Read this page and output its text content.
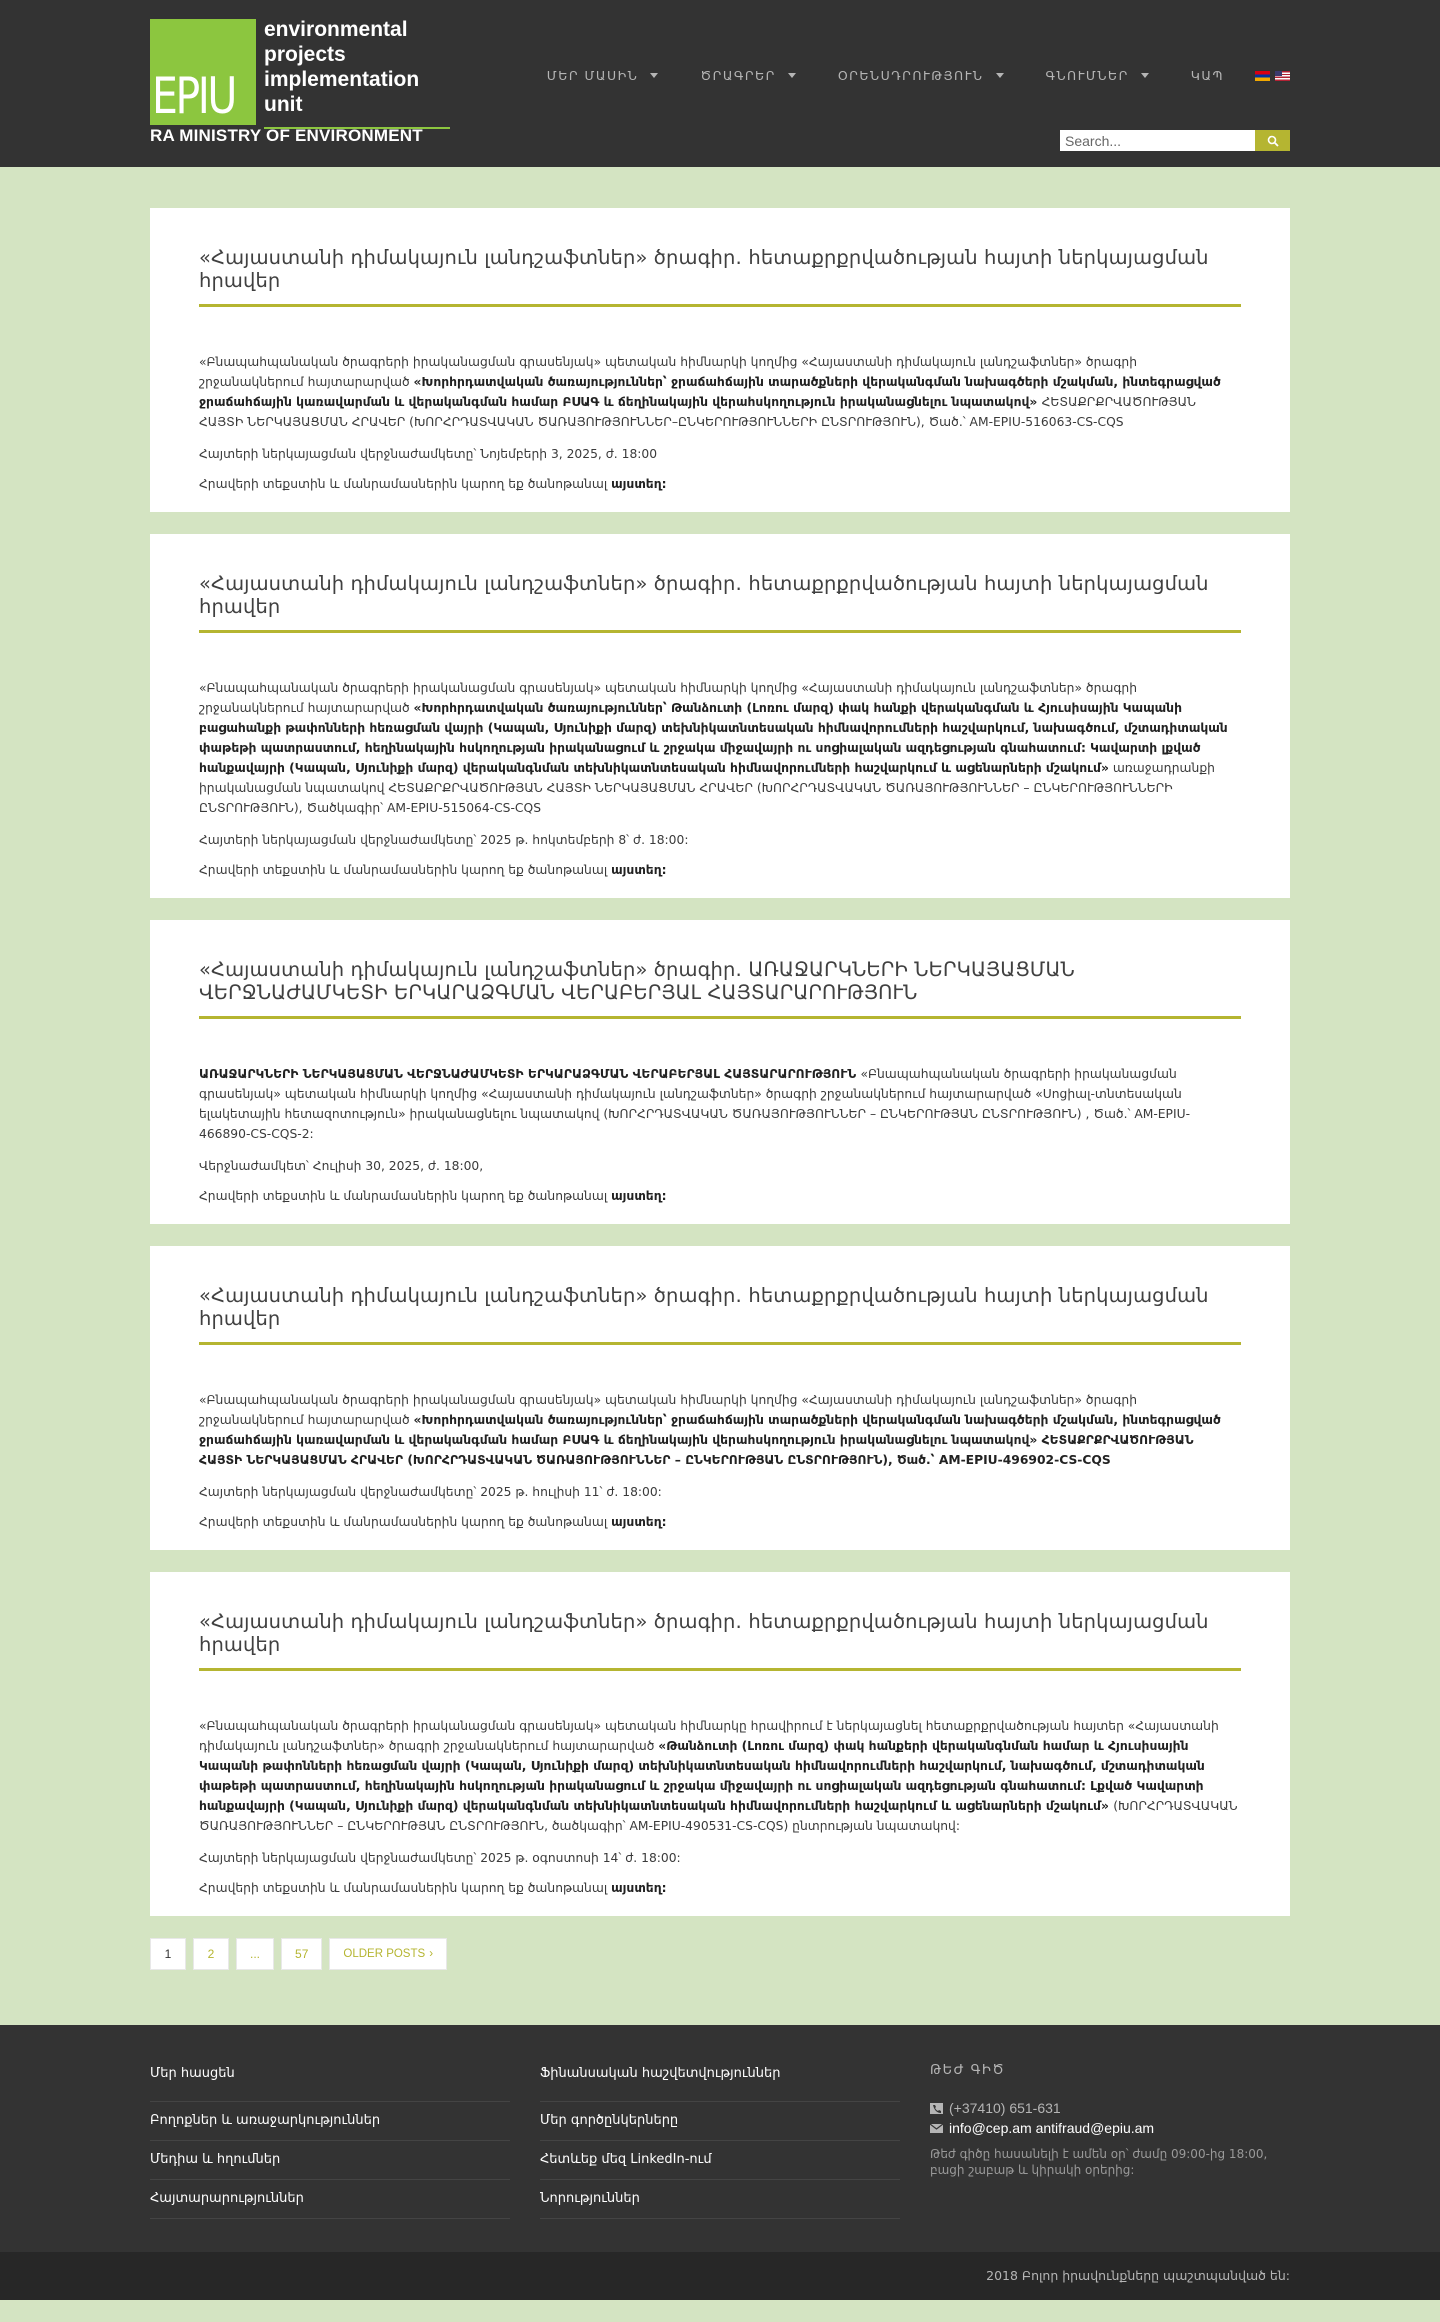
EPIU
environmental
projects
implementation
unit
RA MINISTRY OF ENVIRONMENT
ՄԵՐ ՄԱՍԻՆ	ԾՐԱԳՐԵՐ	ՕՐԵՆՍԴՐՈՒԹՅՈՒՆ	ԳՆՈՒՄՆԵՐ	ԿԱՊ
Search...
«Հայաստանի դիմակայուն լանդշաֆտներ» ծրագիր․ հետաքրքրվածության հայտի ներկայացման հրավեր

«Բնապահպանական ծրագրերի իրականացման գրասենյակ» պետական հիմնարկի կողմից «Հայաստանի դիմակայուն լանդշաֆտներ» ծրագրի շրջանակներում հայտարարված «Խորհրդատվական ծառայություններ՝ ջրաճահճային տարածքների վերականգման նախագծերի մշակման, ինտեգրացված ջրաճահճային կառավարման և վերականգման համար ԲՍԱԳ և ճեղինակային վերահսկողություն իրականացնելու նպատակով» ՀԵՏԱՔՐՔՐՎԱԾՈՒԹՅԱՆ ՀԱՅՏԻ ՆԵՐԿԱՅԱՑՄԱՆ ՀՐԱՎԵՐ (ԽՈՐՀՐԴԱՏՎԱԿԱՆ ԾԱՌԱՅՈՒԹՅՈՒՆՆԵՐ–ԸՆԿԵՐՈՒԹՅՈՒՆՆԵՐԻ ԸՆՏՐՈՒԹՅՈՒՆ), Ծած.՝ AM-EPIU-516063-CS-CQS

Հայտերի ներկայացման վերջնաժամկետը՝ Նոյեմբերի 3, 2025, ժ. 18:00

Հրավերի տեքստին և մանրամասներին կարող եք ծանոթանալ այստեղ:

«Հայաստանի դիմակայուն լանդշաֆտներ» ծրագիր․ հետաքրքրվածության հայտի ներկայացման հրավեր

«Բնապահպանական ծրագրերի իրականացման գրասենյակ» պետական հիմնարկի կողմից «Հայաստանի դիմակայուն լանդշաֆտներ» ծրագրի շրջանակներում հայտարարված «Խորհրդատվական ծառայություններ՝ Թանձուտի (Լոռու մարզ) փակ հանքի վերականգման և Հյուսիսային Կապանի բացահանքի թափոնների հեռացման վայրի (Կապան, Սյունիքի մարզ) տեխնիկատնտեսական հիմնավորումների հաշվարկում, նախագծում, մշտադիտական փաթեթի պատրաստում, հեղինակային հսկողության իրականացում և շրջակա միջավայրի ու սոցիալական ազդեցության գնահատում: Կավարտի լքված հանքավայրի (Կապան, Սյունիքի մարզ) վերականգնման տեխնիկատնտեսական հիմնավորումների հաշվարկում և ացենարների մշակում» առաջադրանքի իրականացման նպատակով ՀԵՏԱՔՐՔՐՎԱԾՈՒԹՅԱՆ ՀԱՅՏԻ ՆԵՐԿԱՅԱՑՄԱՆ ՀՐԱՎԵՐ (ԽՈՐՀՐԴԱՏՎԱԿԱՆ ԾԱՌԱՅՈՒԹՅՈՒՆՆԵՐ – ԸՆԿԵՐՈՒԹՅՈՒՆՆԵՐԻ ԸՆՏՐՈՒԹՅՈՒՆ), Ծածկագիր՝ AM-EPIU-515064-CS-CQS

Հայտերի ներկայացման վերջնաժամկետը՝ 2025 թ. հոկտեմբերի 8՝ ժ. 18:00:

Հրավերի տեքստին և մանրամասներին կարող եք ծանոթանալ այստեղ:

«Հայաստանի դիմակայուն լանդշաֆտներ» ծրագիր․ ԱՌԱՋԱՐԿՆԵՐԻ ՆԵՐԿԱՅԱՑՄԱՆ ՎԵՐՋՆԱԺԱՄԿԵՏԻ ԵՐԿԱՐԱՁԳՄԱՆ ՎԵՐԱԲԵՐՅԱԼ ՀԱՅՏԱՐԱՐՈՒԹՅՈՒՆ

ԱՌԱՋԱՐԿՆԵՐԻ ՆԵՐԿԱՅԱՑՄԱՆ ՎԵՐՋՆԱԺԱՄԿԵՏԻ ԵՐԿԱՐԱՁԳՄԱՆ ՎԵՐԱԲԵՐՅԱԼ ՀԱՅՏԱՐԱՐՈՒԹՅՈՒՆ «Բնապահպանական ծրագրերի իրականացման գրասենյակ» պետական հիմնարկի կողմից «Հայաստանի դիմակայուն լանդշաֆտներ» ծրագրի շրջանակներում հայտարարված «Սոցիալ-տնտեսական ելակետային հետազոտություն» իրականացնելու նպատակով (ԽՈՐՀՐԴԱՏՎԱԿԱՆ ԾԱՌԱՅՈՒԹՅՈՒՆՆԵՐ – ԸՆԿԵՐՈՒԹՅԱՆ ԸՆՏՐՈՒԹՅՈՒՆ) , Ծած.՝ AM-EPIU-466890-CS-CQS-2:

Վերջնաժամկետ՝ Հուլիսի 30, 2025, ժ. 18:00,

Հրավերի տեքստին և մանրամասներին կարող եք ծանոթանալ այստեղ:

«Հայաստանի դիմակայուն լանդշաֆտներ» ծրագիր․ հետաքրքրվածության հայտի ներկայացման հրավեր

«Բնապահպանական ծրագրերի իրականացման գրասենյակ» պետական հիմնարկի կողմից «Հայաստանի դիմակայուն լանդշաֆտներ» ծրագրի շրջանակներում հայտարարված «Խորհրդատվական ծառայություններ՝ ջրաճահճային տարածքների վերականգման նախագծերի մշակման, ինտեգրացված ջրաճահճային կառավարման և վերականգման համար ԲՍԱԳ և ճեղինակային վերահսկողություն իրականացնելու նպատակով» ՀԵՏԱՔՐՔՐՎԱԾՈՒԹՅԱՆ ՀԱՅՏԻ ՆԵՐԿԱՅԱՑՄԱՆ ՀՐԱՎԵՐ (ԽՈՐՀՐԴԱՏՎԱԿԱՆ ԾԱՌԱՅՈՒԹՅՈՒՆՆԵՐ – ԸՆԿԵՐՈՒԹՅԱՆ ԸՆՏՐՈՒԹՅՈՒՆ), Ծած.՝ AM-EPIU-496902-CS-CQS

Հայտերի ներկայացման վերջնաժամկետը՝ 2025 թ. հուլիսի 11՝ ժ. 18:00:

Հրավերի տեքստին և մանրամասներին կարող եք ծանոթանալ այստեղ:

«Հայաստանի դիմակայուն լանդշաֆտներ» ծրագիր․ հետաքրքրվածության հայտի ներկայացման հրավեր

«Բնապահպանական ծրագրերի իրականացման գրասենյակ» պետական հիմնարկը հրավիրում է ներկայացնել հետաքրքրվածության հայտեր «Հայաստանի դիմակայուն լանդշաֆտներ» ծրագրի շրջանակներում հայտարարված «Թանձուտի (Լոռու մարզ) փակ հանքերի վերականգնման համար և Հյուսիսային Կապանի թափոնների հեռացման վայրի (Կապան, Սյունիքի մարզ) տեխնիկատնտեսական հիմնավորումների հաշվարկում, նախագծում, մշտադիտական փաթեթի պատրաստում, հեղինակային հսկողության իրականացում և շրջակա միջավայրի ու սոցիալական ազդեցության գնահատում: Լքված Կավարտի հանքավայրի (Կապան, Սյունիքի մարզ) վերականգնման տեխնիկատնտեսական հիմնավորումների հաշվարկում և ացենարների մշակում» (ԽՈՐՀՐԴԱՏՎԱԿԱՆ ԾԱՌԱՅՈՒԹՅՈՒՆՆԵՐ – ԸՆԿԵՐՈՒԹՅԱՆ ԸՆՏՐՈՒԹՅՈՒՆ, ծածկագիր՝ AM-EPIU-490531-CS-CQS) ընտրության նպատակով:

Հայտերի ներկայացման վերջնաժամկետը՝ 2025 թ. օգոստոսի 14՝ ժ. 18:00:

Հրավերի տեքստին և մանրամասներին կարող եք ծանոթանալ այստեղ:

1	2	...	57	OLDER POSTS ›
Մեր հասցեն
Բողոքներ և առաջարկություններ
Մեդիա և հղումներ
Հայտարարություններ
Ֆինանսական հաշվետվություններ
Մեր գործընկերները
Հետևեք մեզ LinkedIn-ում
Նորություններ
ԹԵԺ ԳԻԾ
(+37410) 651-631
info@cep.am antifraud@epiu.am
Թեժ գիծը հասանելի է ամեն օր՝ ժամը 09:00-ից 18:00, բացի շաբաթ և կիրակի օրերից:
2018 Բոլոր իրավունքները պաշտպանված են:
